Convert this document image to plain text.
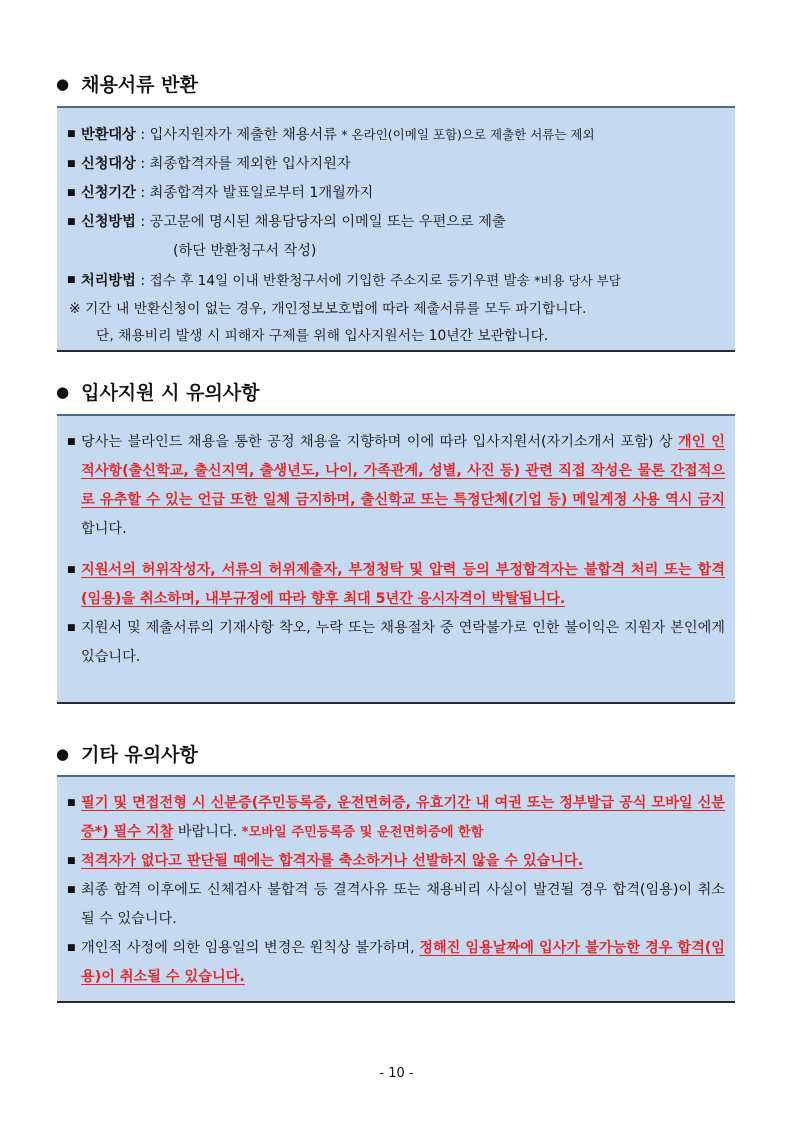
● 채용서류 반환
■ 반환대상 : 입사지원자가 제출한 채용서류 * 온라인(이메일 포함)으로 제출한 서류는 제외
■ 신청대상 : 최종합격자를 제외한 입사지원자
■ 신청기간 : 최종합격자 발표일로부터 1개월까지
■ 신청방법 : 공고문에 명시된 채용담당자의 이메일 또는 우편으로 제출
(하단 반환청구서 작성)
■ 처리방법 : 접수 후 14일 이내 반환청구서에 기입한 주소지로 등기우편 발송 *비용 당사 부담
※ 기간 내 반환신청이 없는 경우, 개인정보보호법에 따라 제출서류를 모두 파기합니다.
단, 채용비리 발생 시 피해자 구제를 위해 입사지원서는 10년간 보관합니다.
● 입사지원 시 유의사항
■ 당사는 블라인드 채용을 통한 공정 채용을 지향하며 이에 따라 입사지원서(자기소개서 포함) 상 개인 인적사항(출신학교, 출신지역, 출생년도, 나이, 가족관계, 성별, 사진 등) 관련 직접 작성은 물론 간접적으로 유추할 수 있는 언급 또한 일체 금지하며, 출신학교 또는 특정단체(기업 등) 메일계정 사용 역시 금지합니다.
■ 지원서의 허위작성자, 서류의 허위제출자, 부정청탁 및 압력 등의 부정합격자는 불합격 처리 또는 합격(임용)을 취소하며, 내부규정에 따라 향후 최대 5년간 응시자격이 박탈됩니다.
■ 지원서 및 제출서류의 기재사항 착오, 누락 또는 채용절차 중 연락불가로 인한 불이익은 지원자 본인에게 있습니다.
● 기타 유의사항
■ 필기 및 면접전형 시 신분증(주민등록증, 운전면허증, 유효기간 내 여권 또는 정부발급 공식 모바일 신분증*) 필수 지참 바랍니다. *모바일 주민등록증 및 운전면허증에 한함
■ 적격자가 없다고 판단될 때에는 합격자를 축소하거나 선발하지 않을 수 있습니다.
■ 최종 합격 이후에도 신체검사 불합격 등 결격사유 또는 채용비리 사실이 발견될 경우 합격(임용)이 취소될 수 있습니다.
■ 개인적 사정에 의한 임용일의 변경은 원칙상 불가하며, 정해진 임용날짜에 입사가 불가능한 경우 합격(임용)이 취소될 수 있습니다.
- 10 -
